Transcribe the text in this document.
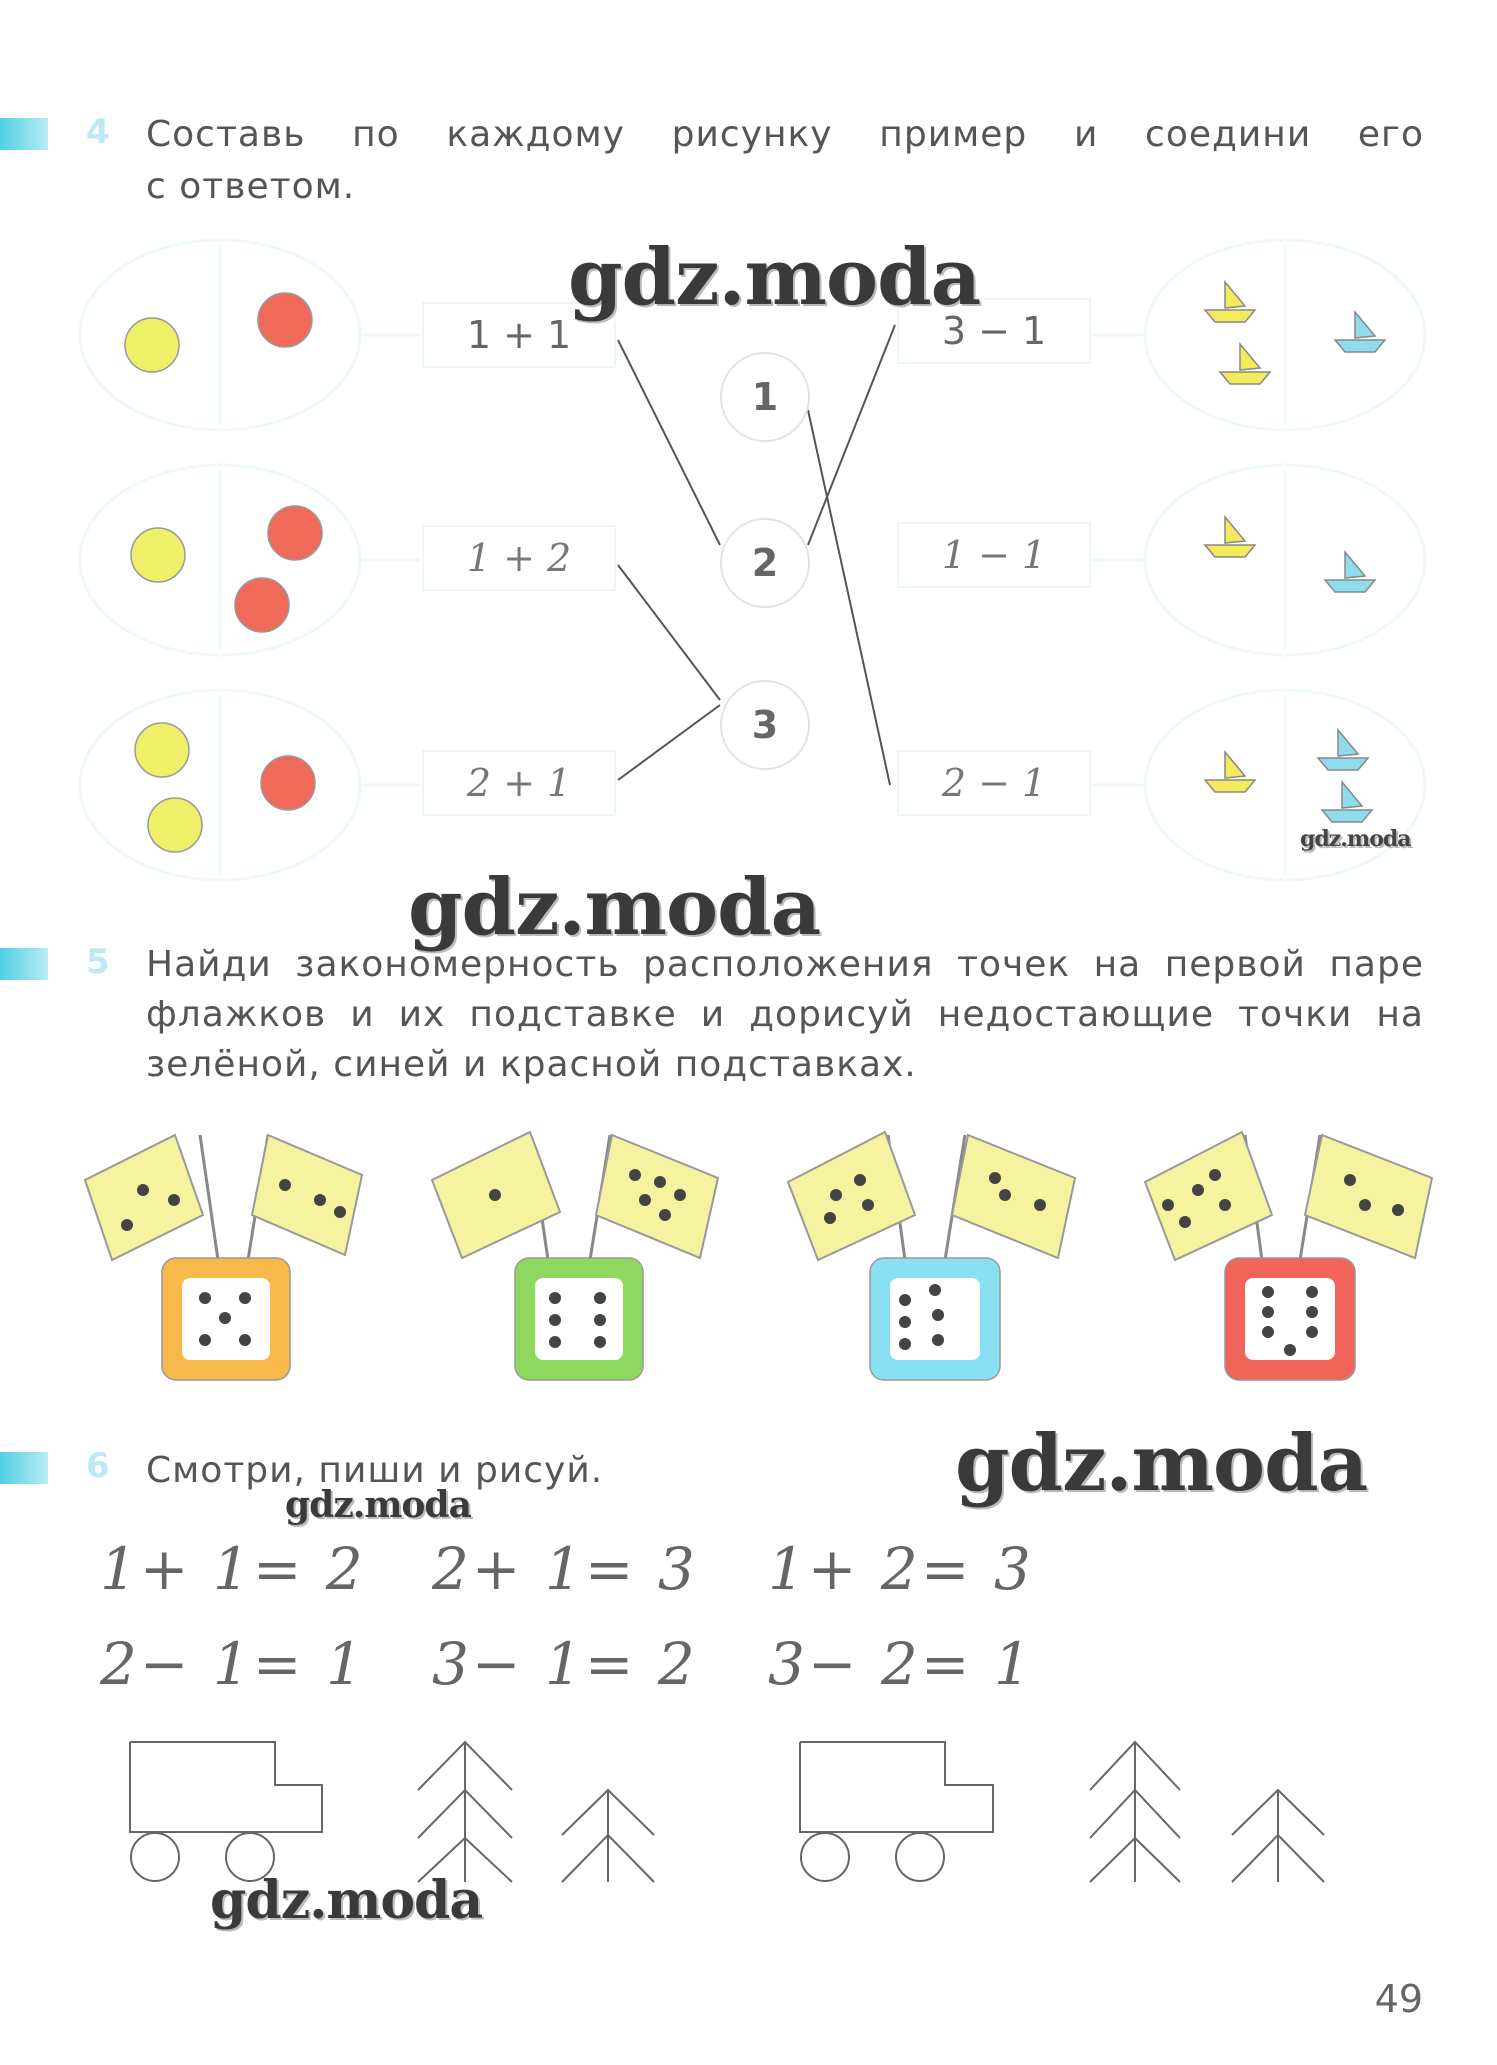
4 Составь по каждому рисунку пример и соедини его
с ответом.
1 + 1
1 + 2
2 + 1
3 − 1
1 − 1
2 − 1
1
2
3
gdz.moda
gdz.moda
gdz.moda
5 Найди закономерность расположения точек на первой паре
флажков и их подставке и дорисуй недостающие точки на
зелёной, синей и красной подставках.
6 Смотри, пиши и рисуй.
gdz.moda	gdz.moda
1+ 1= 2 2+ 1= 3 1+ 2= 3
2− 1= 1 3− 1= 2 3− 2= 1
gdz.moda
49
